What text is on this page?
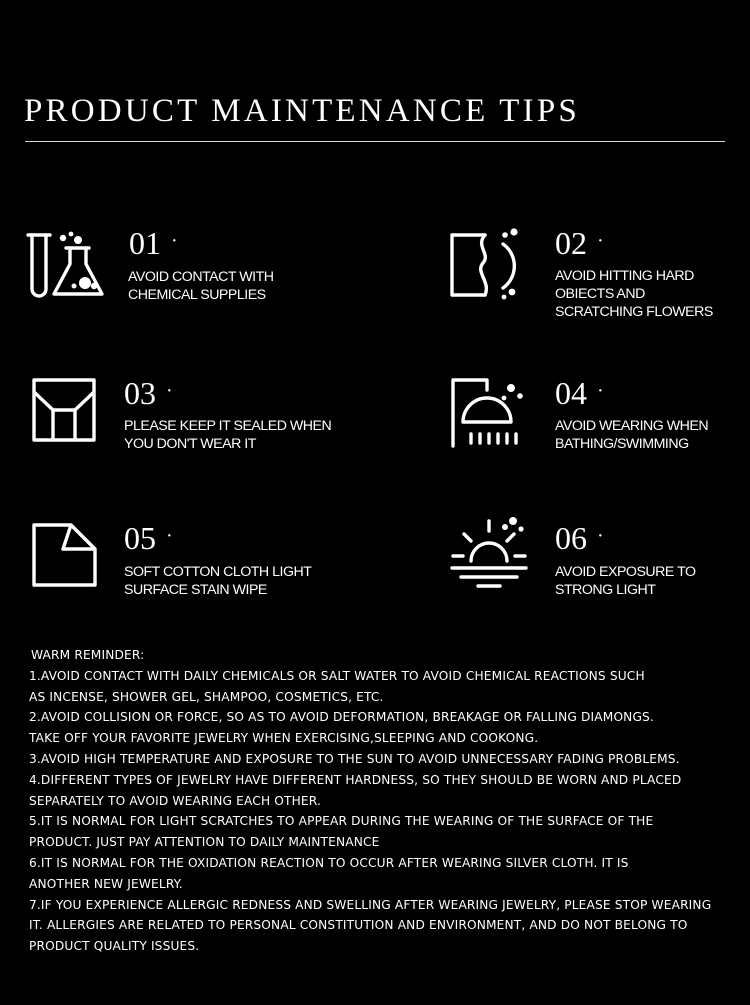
PRODUCT MAINTENANCE TIPS
01 ·
AVOID CONTACT WITH
CHEMICAL SUPPLIES
02 ·
AVOID HITTING HARD
OBIECTS AND
SCRATCHING FLOWERS
03 ·
PLEASE KEEP IT SEALED WHEN
YOU DON'T WEAR IT
04 ·
AVOID WEARING WHEN
BATHING/SWIMMING
05 ·
SOFT COTTON CLOTH LIGHT
SURFACE STAIN WIPE
06 ·
AVOID EXPOSURE TO
STRONG LIGHT
WARM REMINDER:
1.AVOID CONTACT WITH DAILY CHEMICALS OR SALT WATER TO AVOID CHEMICAL REACTIONS SUCH
AS INCENSE, SHOWER GEL, SHAMPOO, COSMETICS, ETC.
2.AVOID COLLISION OR FORCE, SO AS TO AVOID DEFORMATION, BREAKAGE OR FALLING DIAMONGS.
TAKE OFF YOUR FAVORITE JEWELRY WHEN EXERCISING,SLEEPING AND COOKONG.
3.AVOID HIGH TEMPERATURE AND EXPOSURE TO THE SUN TO AVOID UNNECESSARY FADING PROBLEMS.
4.DIFFERENT TYPES OF JEWELRY HAVE DIFFERENT HARDNESS, SO THEY SHOULD BE WORN AND PLACED
SEPARATELY TO AVOID WEARING EACH OTHER.
5.IT IS NORMAL FOR LIGHT SCRATCHES TO APPEAR DURING THE WEARING OF THE SURFACE OF THE
PRODUCT. JUST PAY ATTENTION TO DAILY MAINTENANCE
6.IT IS NORMAL FOR THE OXIDATION REACTION TO OCCUR AFTER WEARING SILVER CLOTH. IT IS
ANOTHER NEW JEWELRY.
7.IF YOU EXPERIENCE ALLERGIC REDNESS AND SWELLING AFTER WEARING JEWELRY, PLEASE STOP WEARING
IT. ALLERGIES ARE RELATED TO PERSONAL CONSTITUTION AND ENVIRONMENT, AND DO NOT BELONG TO
PRODUCT QUALITY ISSUES.
